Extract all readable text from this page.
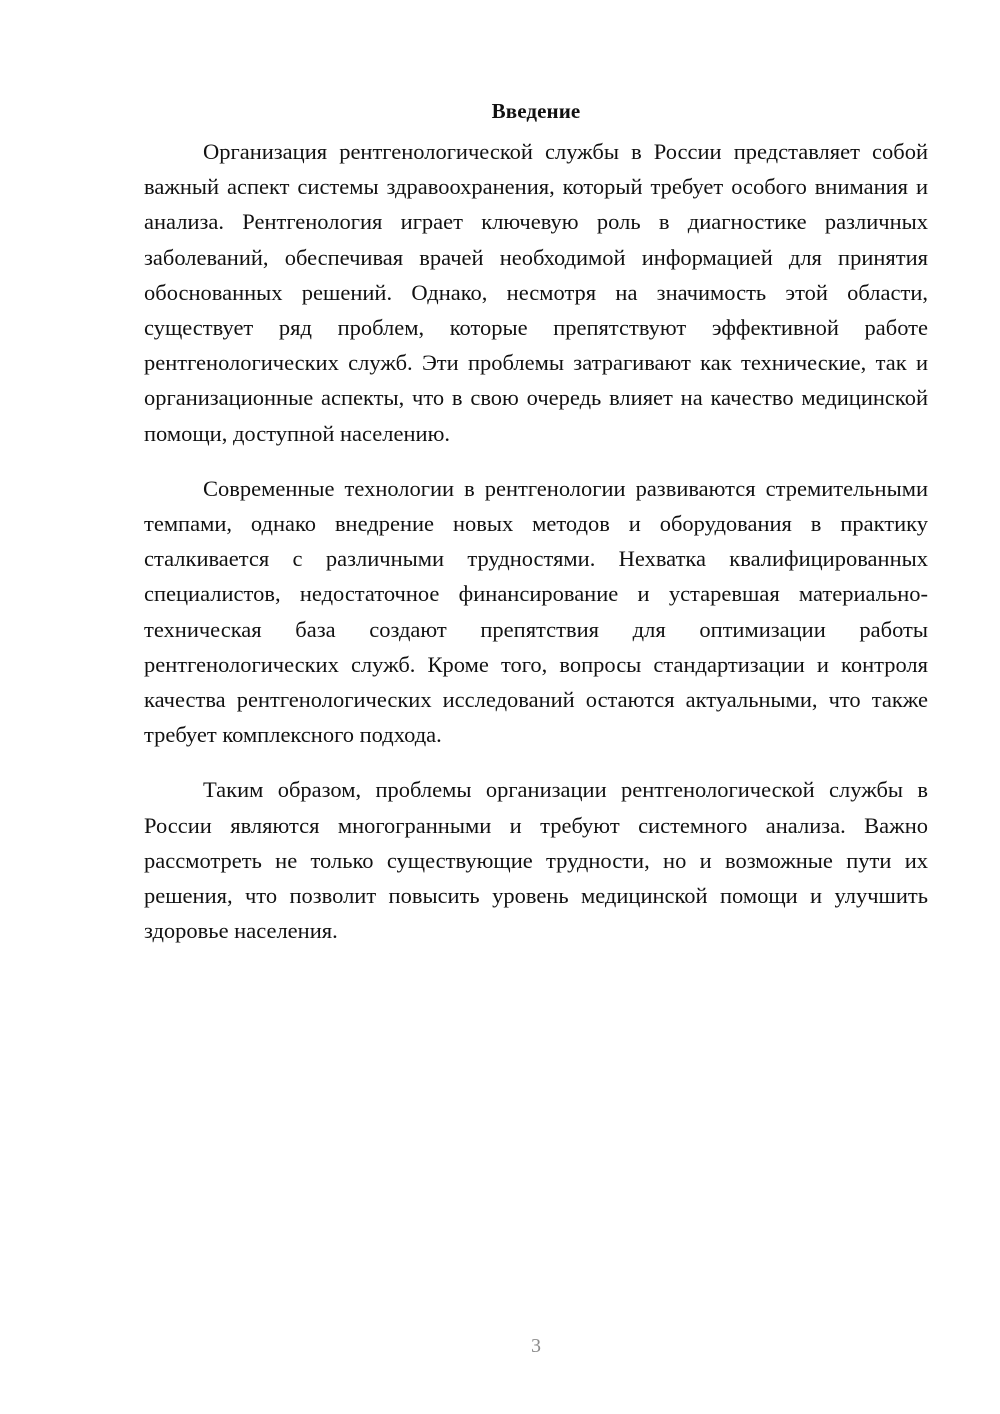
Введение

Организация рентгенологической службы в России представляет собой важный аспект системы здравоохранения, который требует особого внимания и анализа. Рентгенология играет ключевую роль в диагностике различных заболеваний, обеспечивая врачей необходимой информацией для принятия обоснованных решений. Однако, несмотря на значимость этой области, существует ряд проблем, которые препятствуют эффективной работе рентгенологических служб. Эти проблемы затрагивают как технические, так и организационные аспекты, что в свою очередь влияет на качество медицинской помощи, доступной населению.

Современные технологии в рентгенологии развиваются стремительными темпами, однако внедрение новых методов и оборудования в практику сталкивается с различными трудностями. Нехватка квалифицированных специалистов, недостаточное финансирование и устаревшая материально-техническая база создают препятствия для оптимизации работы рентгенологических служб. Кроме того, вопросы стандартизации и контроля качества рентгенологических исследований остаются актуальными, что также требует комплексного подхода.

Таким образом, проблемы организации рентгенологической службы в России являются многогранными и требуют системного анализа. Важно рассмотреть не только существующие трудности, но и возможные пути их решения, что позволит повысить уровень медицинской помощи и улучшить здоровье населения.

3
